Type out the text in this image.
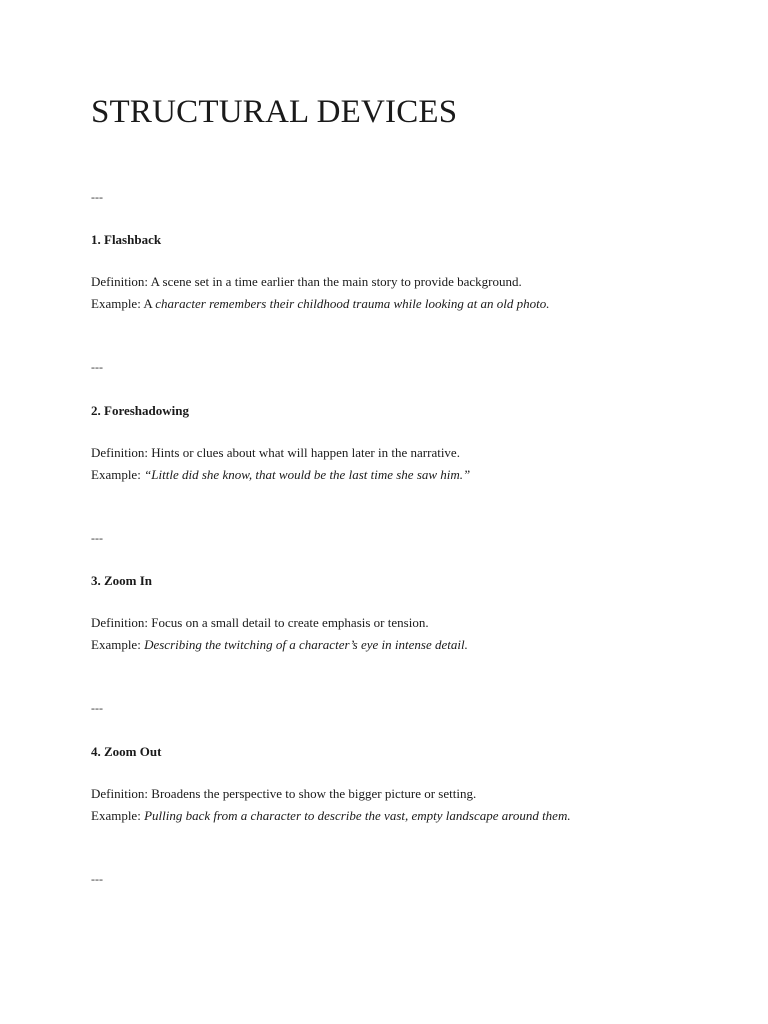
STRUCTURAL DEVICES
---
1. Flashback
Definition: A scene set in a time earlier than the main story to provide background.
Example: A character remembers their childhood trauma while looking at an old photo.
---
2. Foreshadowing
Definition: Hints or clues about what will happen later in the narrative.
Example: “Little did she know, that would be the last time she saw him.”
---
3. Zoom In
Definition: Focus on a small detail to create emphasis or tension.
Example: Describing the twitching of a character’s eye in intense detail.
---
4. Zoom Out
Definition: Broadens the perspective to show the bigger picture or setting.
Example: Pulling back from a character to describe the vast, empty landscape around them.
---
